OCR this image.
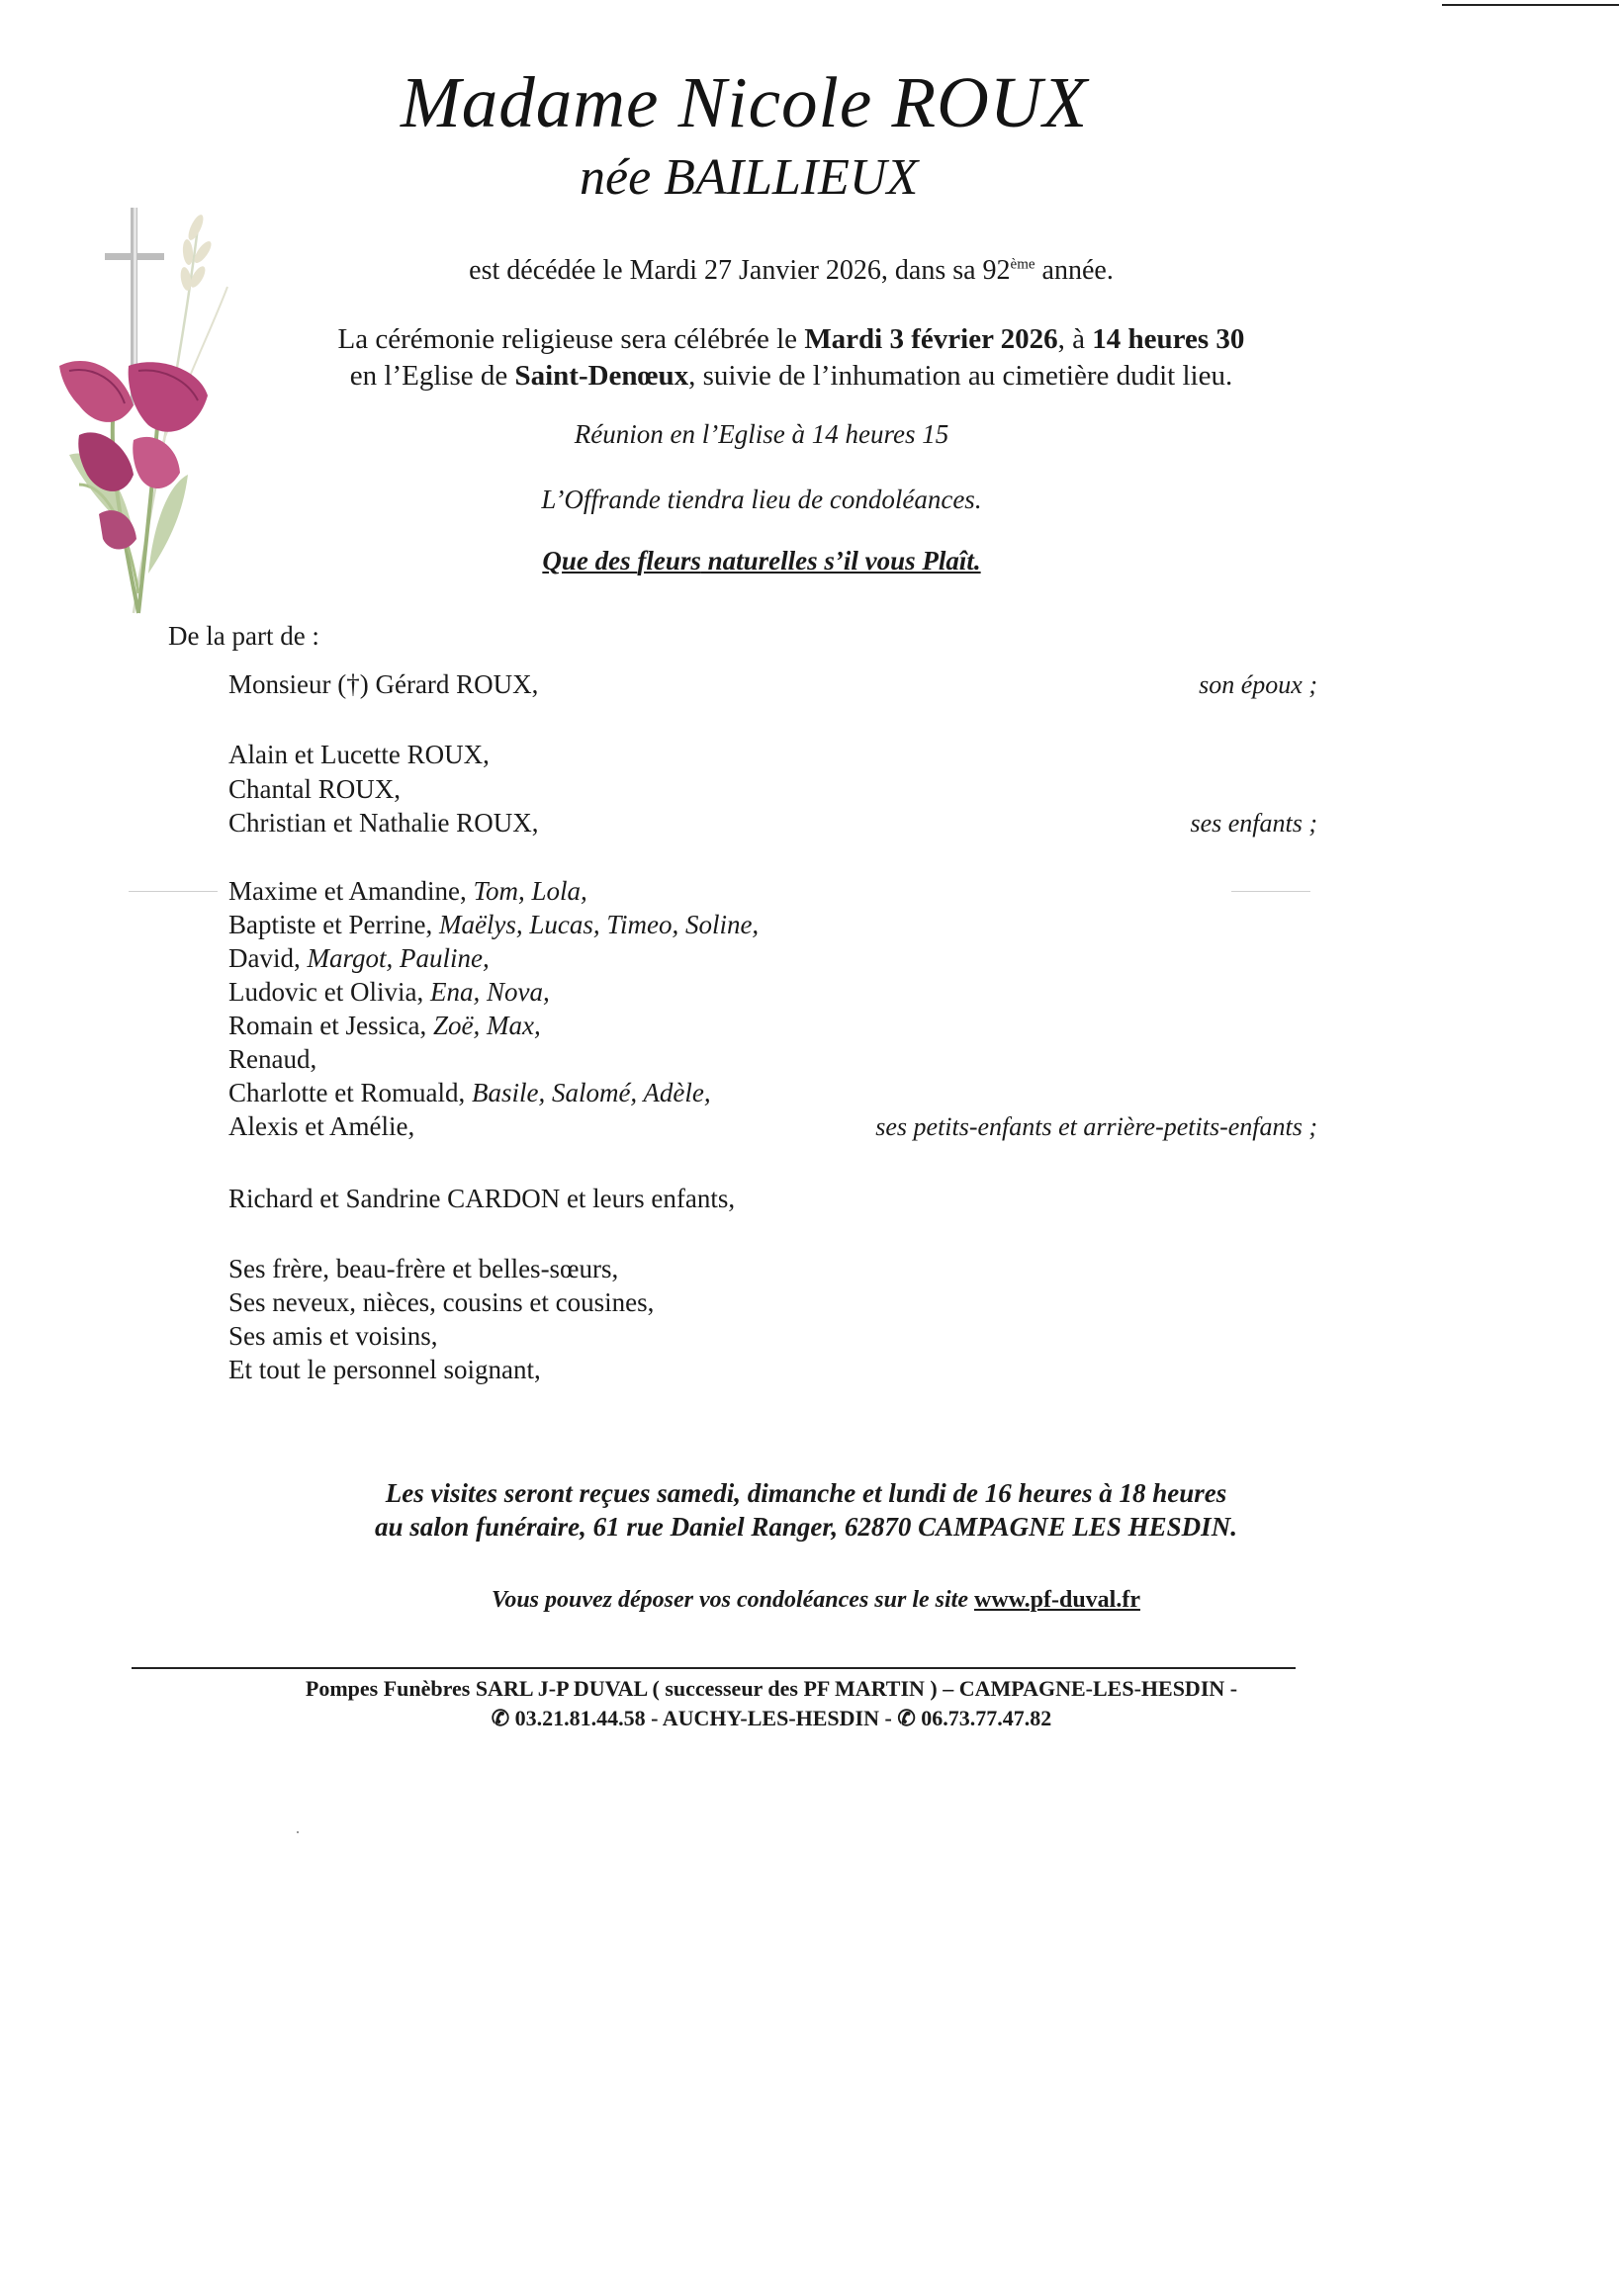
Madame Nicole ROUX
née BAILLIEUX
est décédée le Mardi 27 Janvier 2026, dans sa 92ème année.
La cérémonie religieuse sera célébrée le Mardi 3 février 2026, à 14 heures 30
en l’Eglise de Saint-Denœux, suivie de l’inhumation au cimetière dudit lieu.
Réunion en l’Eglise à 14 heures 15
L’Offrande tiendra lieu de condoléances.
Que des fleurs naturelles s’il vous Plaît.
De la part de :
Monsieur (†) Gérard ROUX,	son époux ;
Alain et Lucette ROUX,
Chantal ROUX,
Christian et Nathalie ROUX,	ses enfants ;
Maxime et Amandine, Tom, Lola,
Baptiste et Perrine, Maëlys, Lucas, Timeo, Soline,
David, Margot, Pauline,
Ludovic et Olivia, Ena, Nova,
Romain et Jessica, Zoë, Max,
Renaud,
Charlotte et Romuald, Basile, Salomé, Adèle,
Alexis et Amélie,	ses petits-enfants et arrière-petits-enfants ;
Richard et Sandrine CARDON et leurs enfants,
Ses frère, beau-frère et belles-sœurs,
Ses neveux, nièces, cousins et cousines,
Ses amis et voisins,
Et tout le personnel soignant,
Les visites seront reçues samedi, dimanche et lundi de 16 heures à 18 heures
au salon funéraire, 61 rue Daniel Ranger, 62870 CAMPAGNE LES HESDIN.
Vous pouvez déposer vos condoléances sur le site www.pf-duval.fr
Pompes Funèbres SARL J-P DUVAL ( successeur des PF MARTIN ) – CAMPAGNE-LES-HESDIN -
✆ 03.21.81.44.58 - AUCHY-LES-HESDIN - ✆ 06.73.77.47.82
